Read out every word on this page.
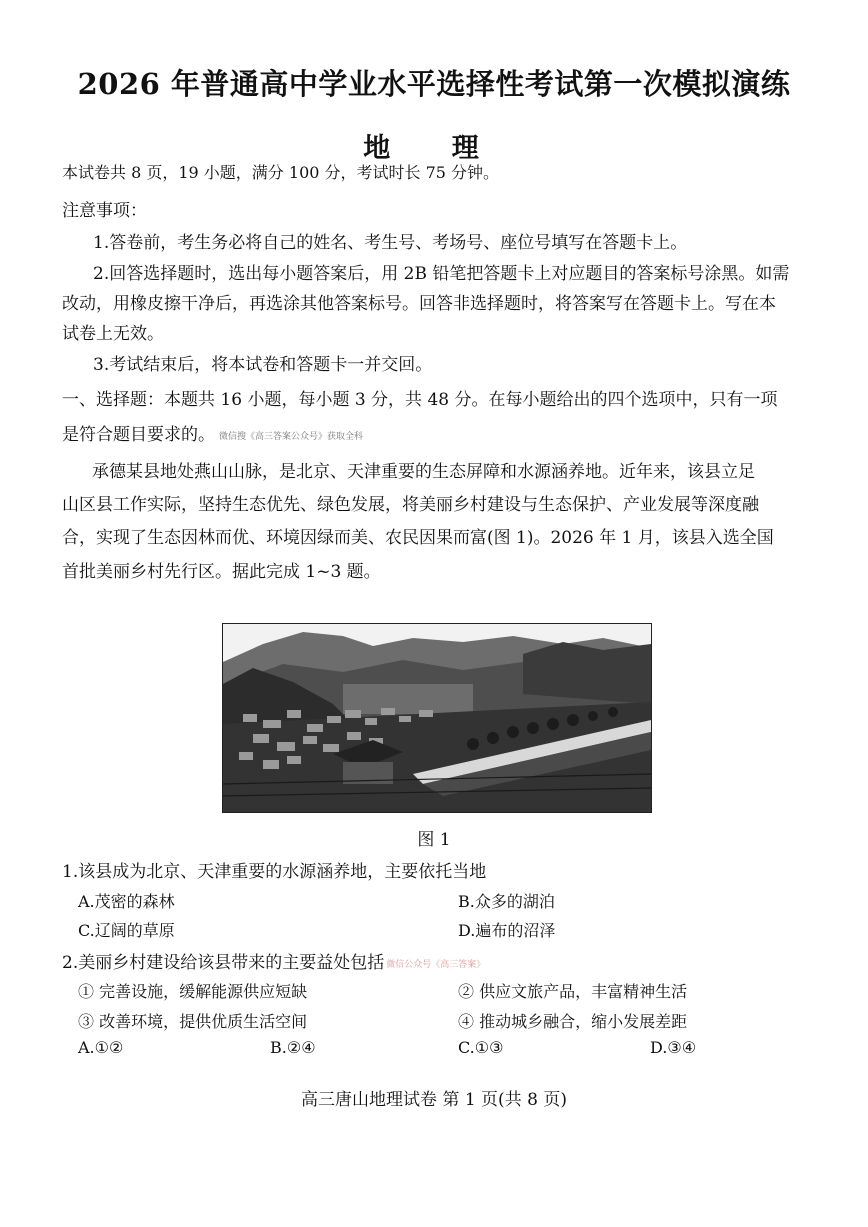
2026 年普通高中学业水平选择性考试第一次模拟演练
地 理
本试卷共 8 页，19 小题，满分 100 分，考试时长 75 分钟。
注意事项：
1.答卷前，考生务必将自己的姓名、考生号、考场号、座位号填写在答题卡上。
2.回答选择题时，选出每小题答案后，用 2B 铅笔把答题卡上对应题目的答案标号涂黑。如需
改动，用橡皮擦干净后，再选涂其他答案标号。回答非选择题时，将答案写在答题卡上。写在本
试卷上无效。
3.考试结束后，将本试卷和答题卡一并交回。
一、选择题：本题共 16 小题，每小题 3 分，共 48 分。在每小题给出的四个选项中，只有一项
是符合题目要求的。 微信搜《高三答案公众号》获取全科
承德某县地处燕山山脉，是北京、天津重要的生态屏障和水源涵养地。近年来，该县立足
山区县工作实际，坚持生态优先、绿色发展，将美丽乡村建设与生态保护、产业发展等深度融
合，实现了生态因林而优、环境因绿而美、农民因果而富(图 1)。2026 年 1 月，该县入选全国
首批美丽乡村先行区。据此完成 1~3 题。
图 1
1.该县成为北京、天津重要的水源涵养地，主要依托当地
A.茂密的森林	B.众多的湖泊
C.辽阔的草原	D.遍布的沼泽
2.美丽乡村建设给该县带来的主要益处包括 微信公众号《高三答案》
① 完善设施，缓解能源供应短缺	② 供应文旅产品，丰富精神生活
③ 改善环境，提供优质生活空间	④ 推动城乡融合，缩小发展差距
A.①②	B.②④	C.①③	D.③④
高三唐山地理试卷 第 1 页(共 8 页)
